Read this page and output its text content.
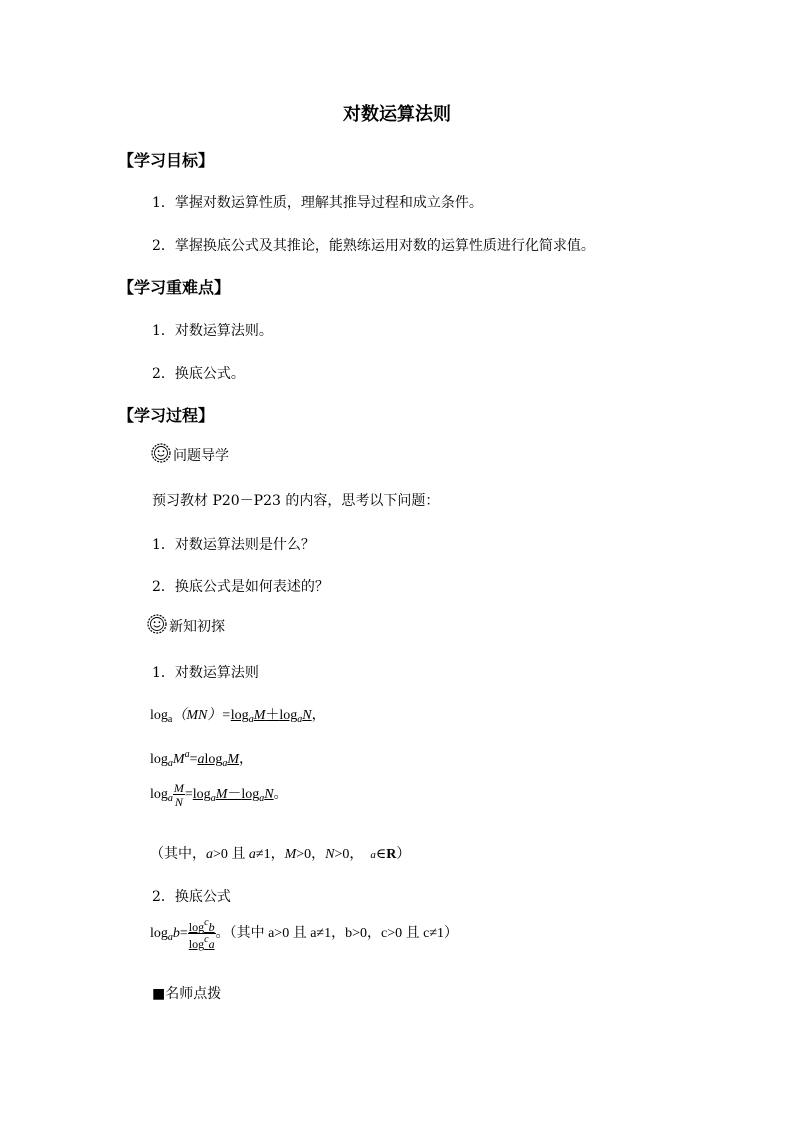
对数运算法则
【学习目标】
1．掌握对数运算性质，理解其推导过程和成立条件。
2．掌握换底公式及其推论，能熟练运用对数的运算性质进行化简求值。
【学习重难点】
1．对数运算法则。
2．换底公式。
【学习过程】
问题导学
预习教材 P20－P23 的内容，思考以下问题：
1．对数运算法则是什么？
2．换底公式是如何表述的？
新知初探
1．对数运算法则
$\log_a(MN)=\log_aM+\log_aN$，
$\log_aM^a=alog_aM$，
$\log_a \frac{M}{N} =\log_aM-\log_aN$。
（其中，a>0 且 a≠1，M>0，N>0， a∈R）
2．换底公式
$\log_ab= \frac{\log^cb}{\log^ca}$ 。（其中 a>0 且 a≠1，b>0，c>0 且 c≠1）
■名师点拨
